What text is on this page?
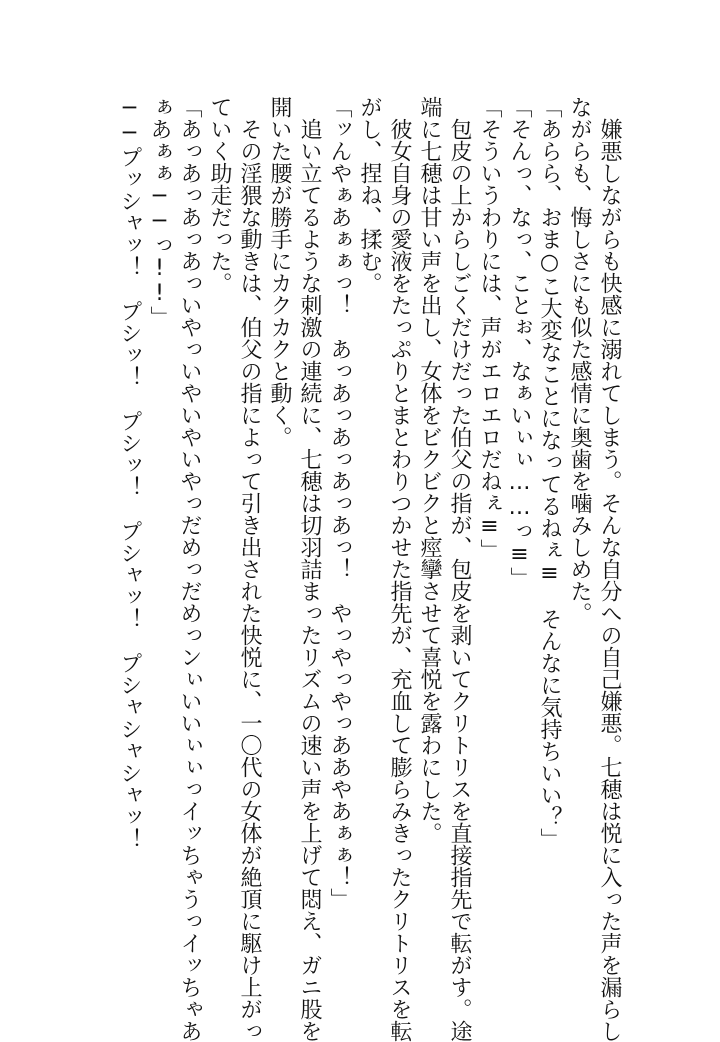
　嫌悪しながらも快感に溺れてしまう。そんな自分への自己嫌悪。七穂は悦に入った声を漏らし
ながらも、悔しさにも似た感情に奥歯を噛みしめた。
「あらら、おま○こ大変なことになってるねぇ≡　そんなに気持ちいい？」
「そんっ、なっ、ことぉ、なぁいぃぃ……っ≡」
「そういうわりには、声がエロエロだねぇ≡」
　包皮の上からしごくだけだった伯父の指が、包皮を剥いてクリトリスを直接指先で転がす。途
端に七穂は甘い声を出し、女体をビクビクと痙攣させて喜悦を露わにした。
　彼女自身の愛液をたっぷりとまとわりつかせた指先が、充血して膨らみきったクリトリスを転
がし、捏ね、揉む。
「ッんやぁあぁぁっ！　あっあっあっあっあっ！　やっやっやっああやあぁぁ！」
　追い立てるような刺激の連続に、七穂は切羽詰まったリズムの速い声を上げて悶え、ガニ股を
開いた腰が勝手にカクカクと動く。
　その淫猥な動きは、伯父の指によって引き出された快悦に、一〇代の女体が絶頂に駆け上がっ
ていく助走だった。
「あっあっあっあっいやっいやいやいやっだめっだめっンぃいいぃぃっイッちゃうっイッちゃあ
ぁあぁぁ──っ!!」
──プッシャッ！　プシッ！　プシッ！　プシャッ！　プシャシャシャッ！
